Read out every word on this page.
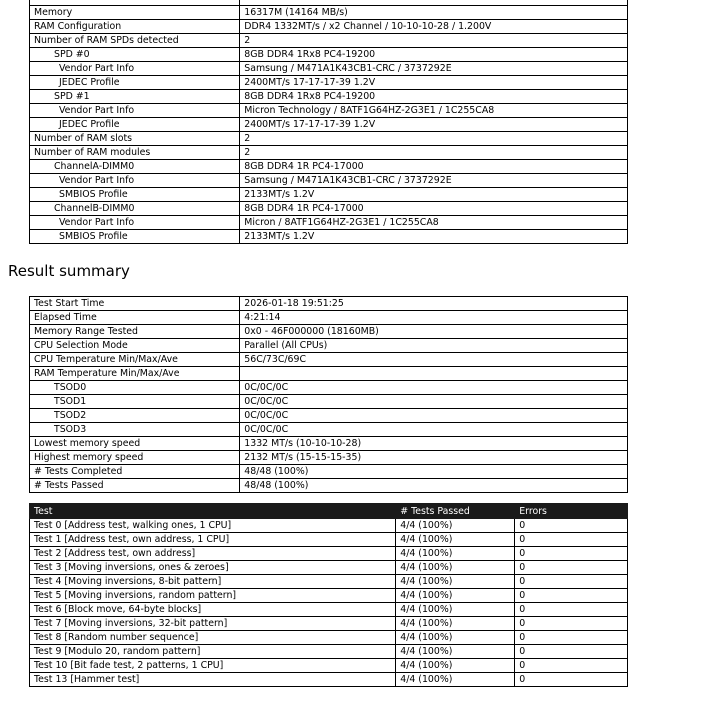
Memory	16317M (14164 MB/s)
RAM Configuration	DDR4 1332MT/s / x2 Channel / 10-10-10-28 / 1.200V
Number of RAM SPDs detected	2
SPD #0	8GB DDR4 1Rx8 PC4-19200
Vendor Part Info	Samsung / M471A1K43CB1-CRC / 3737292E
JEDEC Profile	2400MT/s 17-17-17-39 1.2V
SPD #1	8GB DDR4 1Rx8 PC4-19200
Vendor Part Info	Micron Technology / 8ATF1G64HZ-2G3E1 / 1C255CA8
JEDEC Profile	2400MT/s 17-17-17-39 1.2V
Number of RAM slots	2
Number of RAM modules	2
ChannelA-DIMM0	8GB DDR4 1R PC4-17000
Vendor Part Info	Samsung / M471A1K43CB1-CRC / 3737292E
SMBIOS Profile	2133MT/s 1.2V
ChannelB-DIMM0	8GB DDR4 1R PC4-17000
Vendor Part Info	Micron / 8ATF1G64HZ-2G3E1 / 1C255CA8
SMBIOS Profile	2133MT/s 1.2V
Result summary
Test Start Time	2026-01-18 19:51:25
Elapsed Time	4:21:14
Memory Range Tested	0x0 - 46F000000 (18160MB)
CPU Selection Mode	Parallel (All CPUs)
CPU Temperature Min/Max/Ave	56C/73C/69C
RAM Temperature Min/Max/Ave	
TSOD0	0C/0C/0C
TSOD1	0C/0C/0C
TSOD2	0C/0C/0C
TSOD3	0C/0C/0C
Lowest memory speed	1332 MT/s (10-10-10-28)
Highest memory speed	2132 MT/s (15-15-15-35)
# Tests Completed	48/48 (100%)
# Tests Passed	48/48 (100%)
Test	# Tests Passed	Errors
Test 0 [Address test, walking ones, 1 CPU]	4/4 (100%)	0
Test 1 [Address test, own address, 1 CPU]	4/4 (100%)	0
Test 2 [Address test, own address]	4/4 (100%)	0
Test 3 [Moving inversions, ones & zeroes]	4/4 (100%)	0
Test 4 [Moving inversions, 8-bit pattern]	4/4 (100%)	0
Test 5 [Moving inversions, random pattern]	4/4 (100%)	0
Test 6 [Block move, 64-byte blocks]	4/4 (100%)	0
Test 7 [Moving inversions, 32-bit pattern]	4/4 (100%)	0
Test 8 [Random number sequence]	4/4 (100%)	0
Test 9 [Modulo 20, random pattern]	4/4 (100%)	0
Test 10 [Bit fade test, 2 patterns, 1 CPU]	4/4 (100%)	0
Test 13 [Hammer test]	4/4 (100%)	0
